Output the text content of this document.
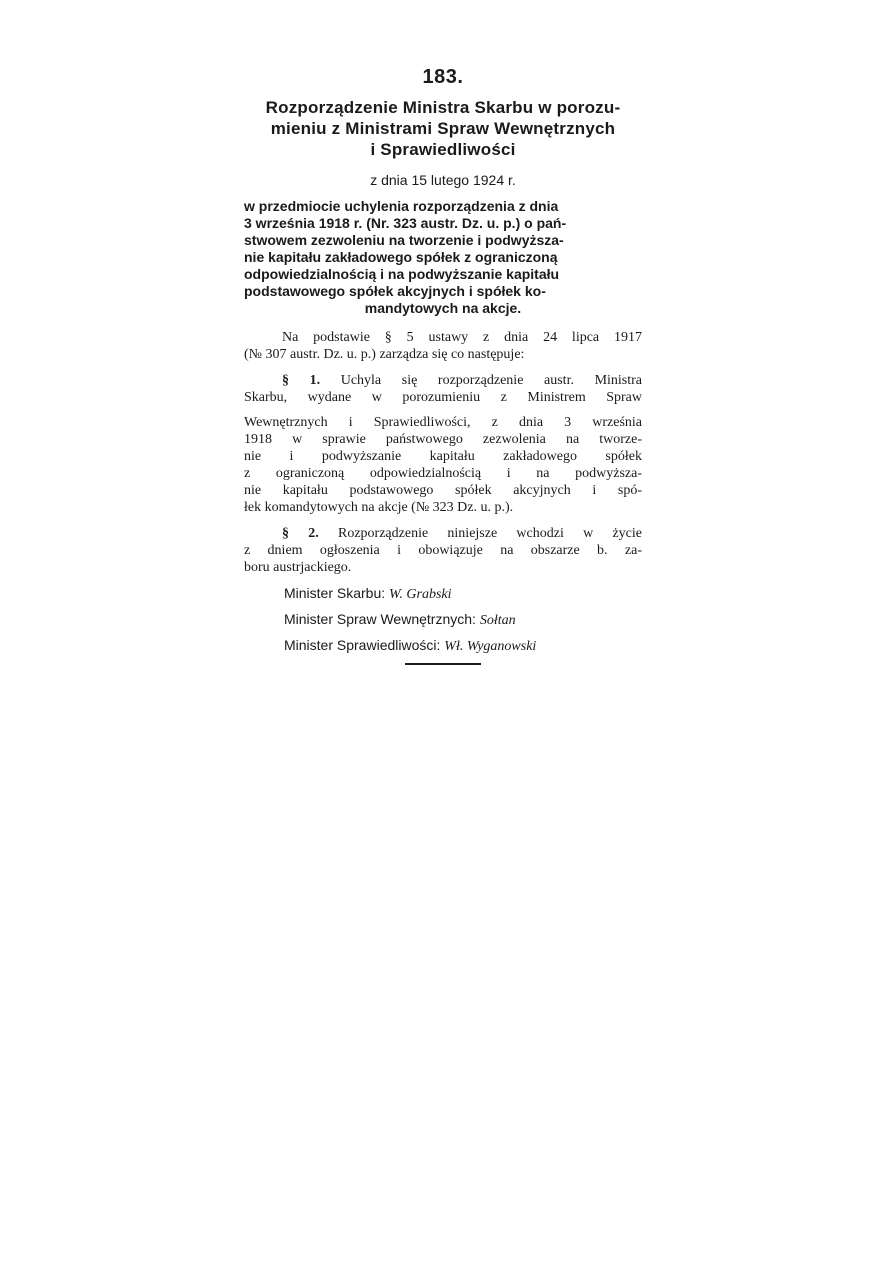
183.
Rozporządzenie Ministra Skarbu w porozu-
mieniu z Ministrami Spraw Wewnętrznych
i Sprawiedliwości
z dnia 15 lutego 1924 r.
w przedmiocie uchylenia rozporządzenia z dnia
3 września 1918 r. (Nr. 323 austr. Dz. u. p.) o pań-
stwowem zezwoleniu na tworzenie i podwyższa-
nie kapitału zakładowego spółek z ograniczoną
odpowiedzialnością i na podwyższanie kapitału
podstawowego spółek akcyjnych i spółek ko-
mandytowych na akcje.
Na podstawie § 5 ustawy z dnia 24 lipca 1917
(№ 307 austr. Dz. u. p.) zarządza się co następuje:
§ 1. Uchyla się rozporządzenie austr. Ministra
Skarbu, wydane w porozumieniu z Ministrem Spraw
Wewnętrznych i Sprawiedliwości, z dnia 3 września
1918 w sprawie państwowego zezwolenia na tworze-
nie i podwyższanie kapitału zakładowego spółek
z ograniczoną odpowiedzialnością i na podwyższa-
nie kapitału podstawowego spółek akcyjnych i spó-
łek komandytowych na akcje (№ 323 Dz. u. p.).
§ 2. Rozporządzenie niniejsze wchodzi w życie
z dniem ogłoszenia i obowiązuje na obszarze b. za-
boru austrjackiego.
Minister Skarbu: W. Grabski
Minister Spraw Wewnętrznych: Sołtan
Minister Sprawiedliwości: Wł. Wyganowski
